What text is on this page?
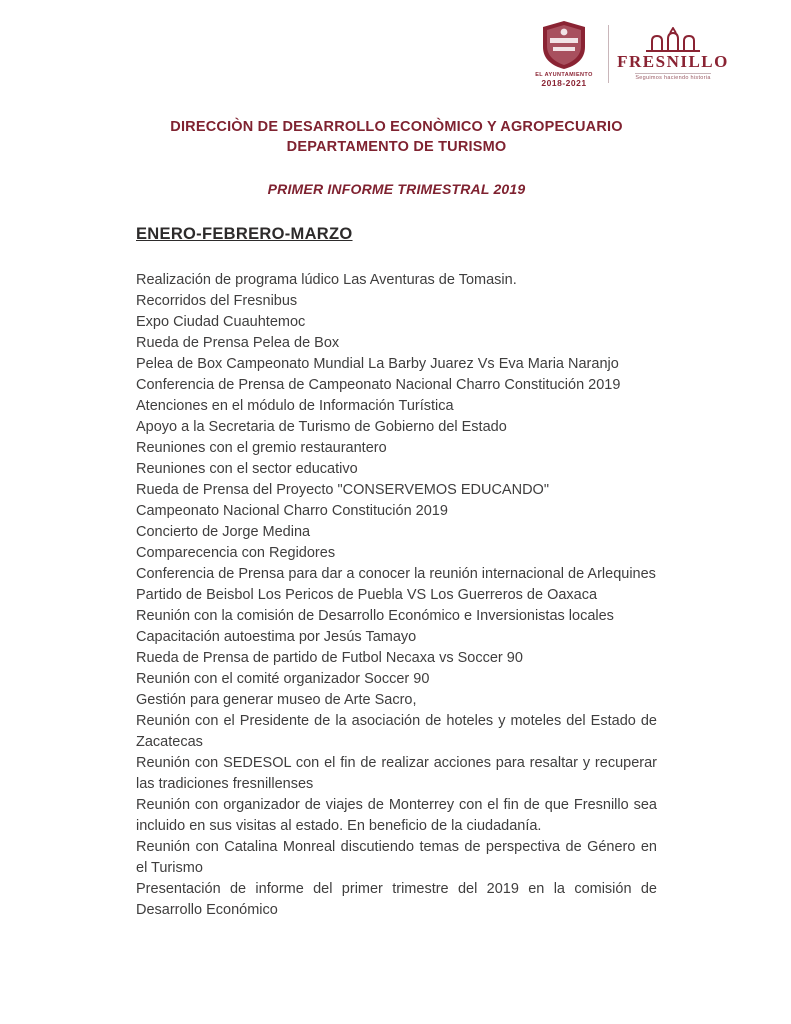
EL AYUNTAMIENTO
2018-2021
FRESNILLO
Seguimos haciendo historia
DIRECCIÒN DE DESARROLLO ECONÒMICO Y AGROPECUARIO
DEPARTAMENTO DE TURISMO
PRIMER INFORME TRIMESTRAL 2019
ENERO-FEBRERO-MARZO

Realización de programa lúdico Las Aventuras de Tomasin.

Recorridos del Fresnibus

Expo Ciudad Cuauhtemoc

Rueda de Prensa Pelea de Box

Pelea de Box Campeonato Mundial La Barby Juarez Vs Eva Maria Naranjo

Conferencia de Prensa de Campeonato Nacional Charro Constitución 2019

Atenciones en el módulo de Información Turística

Apoyo a la Secretaria de Turismo de Gobierno del Estado

Reuniones con el gremio restaurantero

Reuniones con el sector educativo

Rueda de Prensa del Proyecto "CONSERVEMOS EDUCANDO"

Campeonato Nacional Charro Constitución 2019

Concierto de Jorge Medina

Comparecencia con Regidores

Conferencia de Prensa para dar a conocer la reunión internacional de Arlequines

Partido de Beisbol Los Pericos de Puebla VS Los Guerreros de Oaxaca

Reunión con la comisión de Desarrollo Económico e Inversionistas locales

Capacitación autoestima por Jesús Tamayo

Rueda de Prensa de partido de Futbol Necaxa vs Soccer 90

Reunión con el comité organizador Soccer 90

Gestión para generar museo de Arte Sacro,

Reunión con el Presidente de la asociación de hoteles y moteles del Estado de Zacatecas

Reunión con SEDESOL con el fin de realizar acciones para resaltar y recuperar las tradiciones fresnillenses

Reunión con organizador de viajes de Monterrey con el fin de que Fresnillo sea incluido en sus visitas al estado. En beneficio de la ciudadanía.

Reunión con Catalina Monreal discutiendo temas de perspectiva de Género en el Turismo

Presentación de informe del primer trimestre del 2019 en la comisión de Desarrollo Económico
